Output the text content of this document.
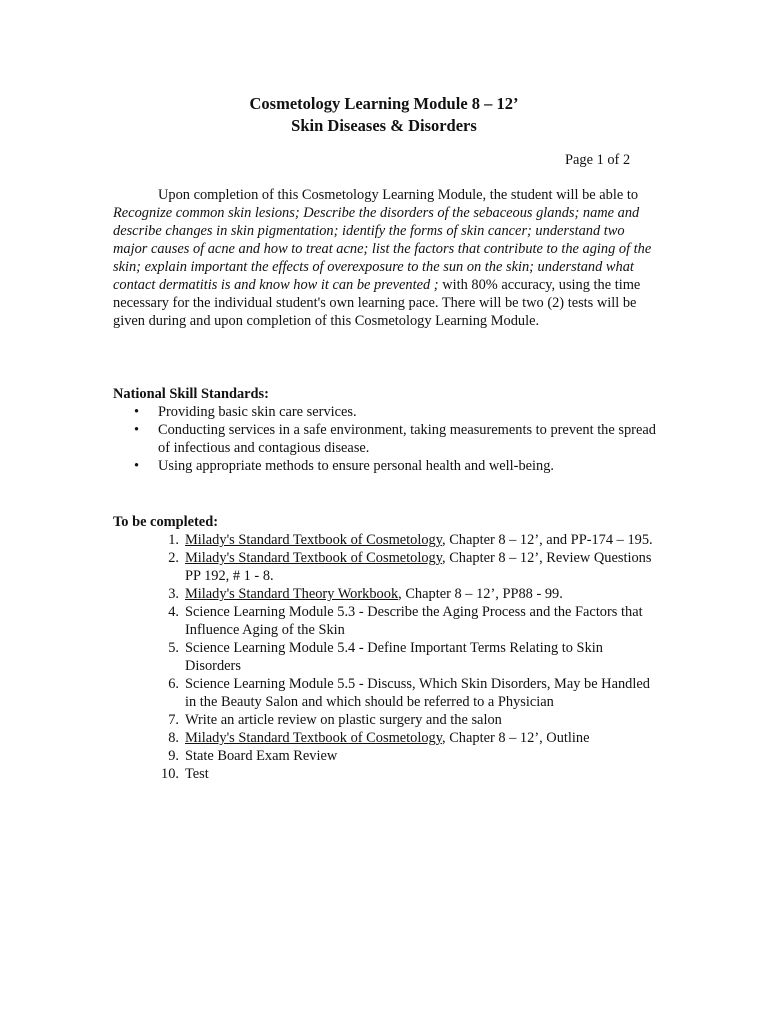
Cosmetology Learning Module 8 – 12’
Skin Diseases & Disorders
Page 1 of 2

Upon completion of this Cosmetology Learning Module, the student will be able to Recognize common skin lesions; Describe the disorders of the sebaceous glands; name and describe changes in skin pigmentation; identify the forms of skin cancer; understand two major causes of acne and how to treat acne; list the factors that contribute to the aging of the skin; explain important the effects of overexposure to the sun on the skin; understand what contact dermatitis is and know how it can be prevented ; with 80% accuracy, using the time necessary for the individual student's own learning pace. There will be two (2) tests will be given during and upon completion of this Cosmetology Learning Module.

National Skill Standards:

• Providing basic skin care services.
• Conducting services in a safe environment, taking measurements to prevent the spread of infectious and contagious disease.
• Using appropriate methods to ensure personal health and well-being.

To be completed:

1. Milady's Standard Textbook of Cosmetology, Chapter 8 – 12’, and PP-174 – 195.
2. Milady's Standard Textbook of Cosmetology, Chapter 8 – 12’, Review Questions PP 192, # 1 - 8.
3. Milady's Standard Theory Workbook, Chapter 8 – 12’, PP88 - 99.
4. Science Learning Module 5.3 - Describe the Aging Process and the Factors that Influence Aging of the Skin
5. Science Learning Module 5.4 - Define Important Terms Relating to Skin Disorders
6. Science Learning Module 5.5 - Discuss, Which Skin Disorders, May be Handled in the Beauty Salon and which should be referred to a Physician
7. Write an article review on plastic surgery and the salon
8. Milady's Standard Textbook of Cosmetology, Chapter 8 – 12’, Outline
9. State Board Exam Review
10. Test
